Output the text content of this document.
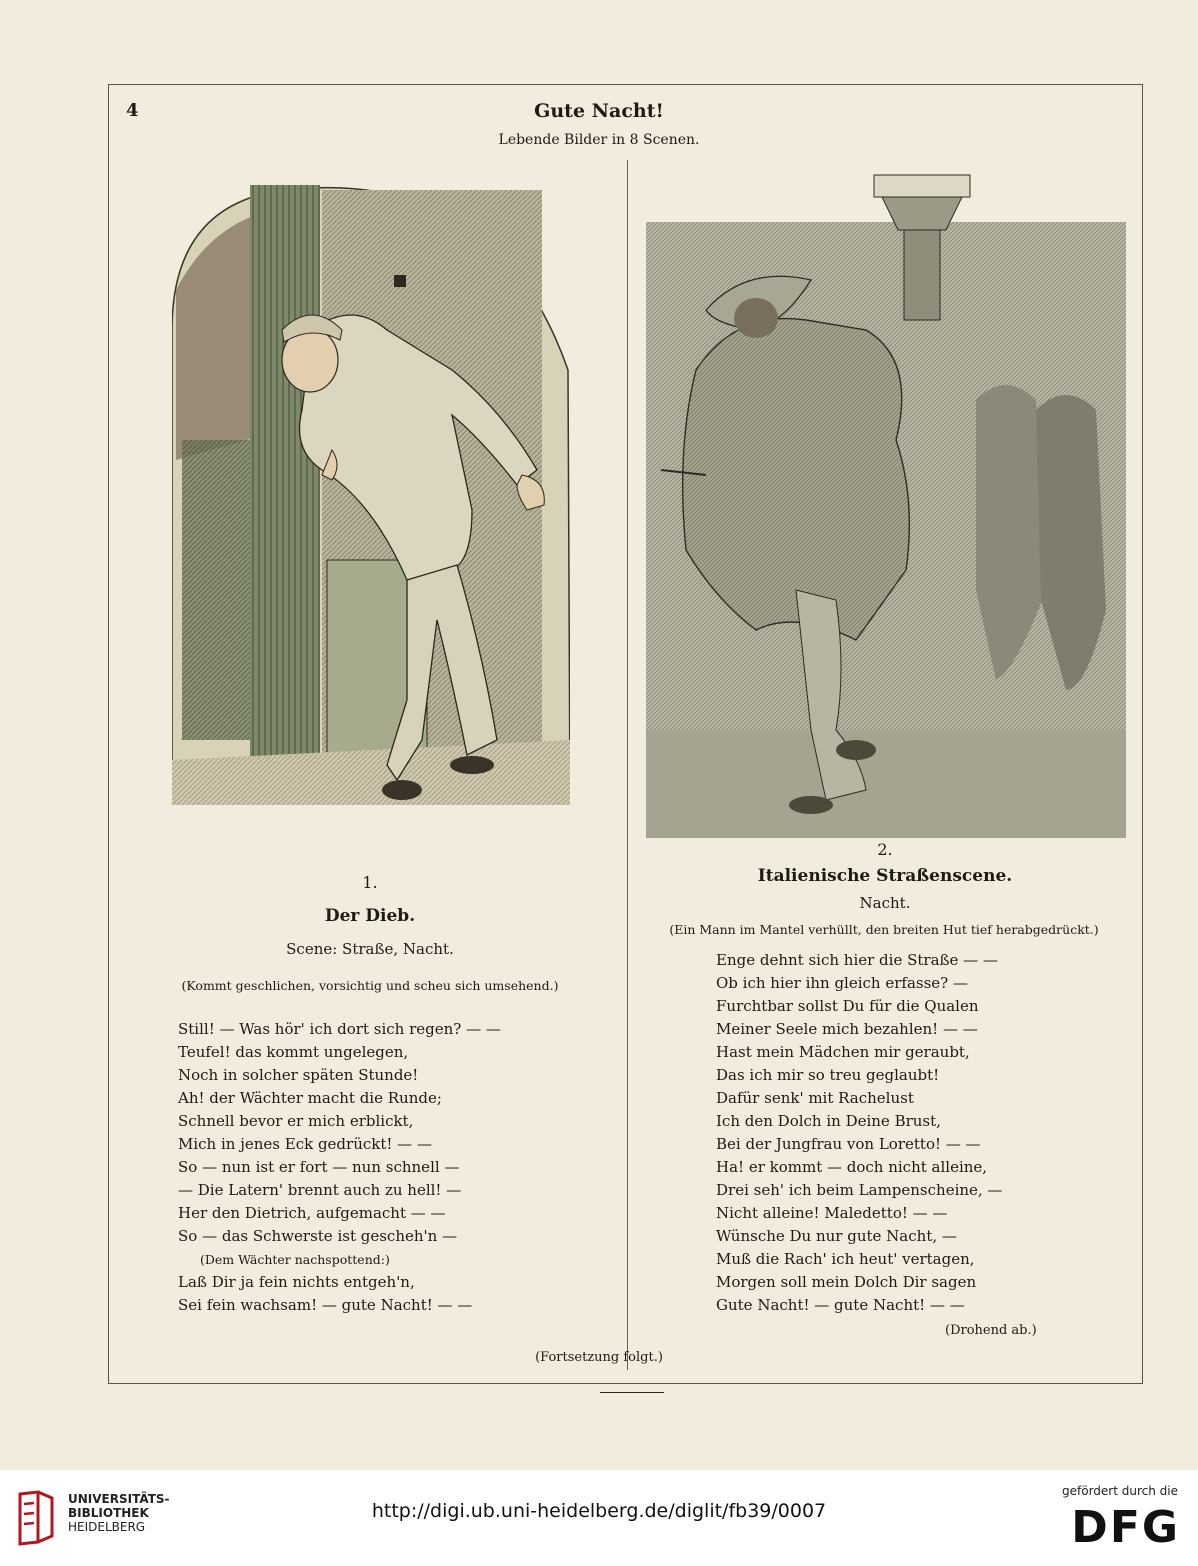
4	Gute Nacht!
Lebende Bilder in 8 Scenen.
1.
Der Dieb.
Scene: Straße, Nacht.
(Kommt geschlichen, vorsichtig und scheu sich umsehend.)
Still! — Was hör' ich dort sich regen? — —
Teufel! das kommt ungelegen,
Noch in solcher späten Stunde!
Ah! der Wächter macht die Runde;
Schnell bevor er mich erblickt,
Mich in jenes Eck gedrückt! — —
So — nun ist er fort — nun schnell —
— Die Latern' brennt auch zu hell! —
Her den Dietrich, aufgemacht — —
So — das Schwerste ist gescheh'n —
(Dem Wächter nachspottend:)
Laß Dir ja fein nichts entgeh'n,
Sei fein wachsam! — gute Nacht! — —
2.
Italienische Straßenscene.
Nacht.
(Ein Mann im Mantel verhüllt, den breiten Hut tief herabgedrückt.)
Enge dehnt sich hier die Straße — —
Ob ich hier ihn gleich erfasse? —
Furchtbar sollst Du für die Qualen
Meiner Seele mich bezahlen! — —
Hast mein Mädchen mir geraubt,
Das ich mir so treu geglaubt!
Dafür senk' mit Rachelust
Ich den Dolch in Deine Brust,
Bei der Jungfrau von Loretto! — —
Ha! er kommt — doch nicht alleine,
Drei seh' ich beim Lampenscheine, —
Nicht alleine! Maledetto! — —
Wünsche Du nur gute Nacht, —
Muß die Rach' ich heut' vertagen,
Morgen soll mein Dolch Dir sagen
Gute Nacht! — gute Nacht! — —
(Drohend ab.)
(Fortsetzung folgt.)
UNIVERSITÄTS-
BIBLIOTHEK
HEIDELBERG
http://digi.ub.uni-heidelberg.de/diglit/fb39/0007
gefördert durch die
DFG
